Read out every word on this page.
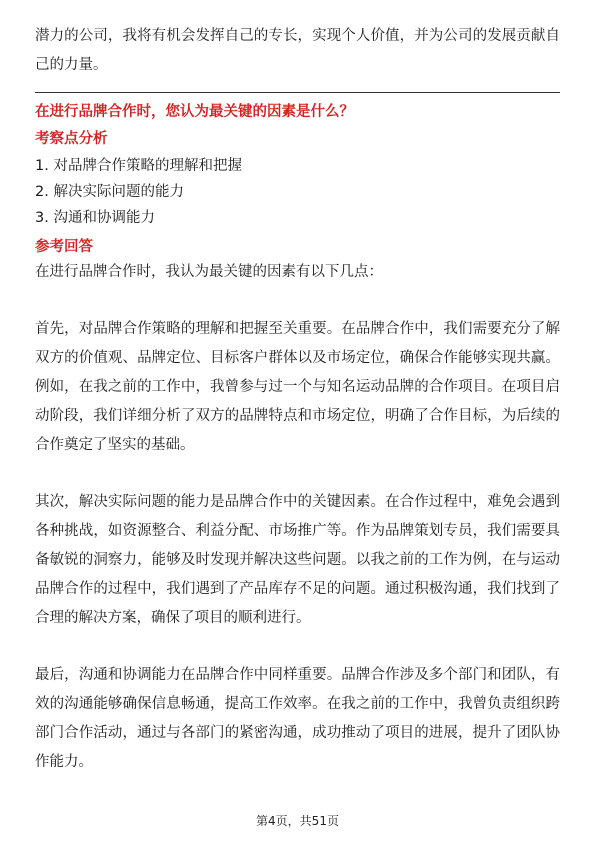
潜力的公司，我将有机会发挥自己的专长，实现个人价值，并为公司的发展贡献自己的力量。

在进行品牌合作时，您认为最关键的因素是什么？

考察点分析

1. 对品牌合作策略的理解和把握

2. 解决实际问题的能力

3. 沟通和协调能力

参考回答

在进行品牌合作时，我认为最关键的因素有以下几点：

首先，对品牌合作策略的理解和把握至关重要。在品牌合作中，我们需要充分了解双方的价值观、品牌定位、目标客户群体以及市场定位，确保合作能够实现共赢。例如，在我之前的工作中，我曾参与过一个与知名运动品牌的合作项目。在项目启动阶段，我们详细分析了双方的品牌特点和市场定位，明确了合作目标，为后续的合作奠定了坚实的基础。

其次，解决实际问题的能力是品牌合作中的关键因素。在合作过程中，难免会遇到各种挑战，如资源整合、利益分配、市场推广等。作为品牌策划专员，我们需要具备敏锐的洞察力，能够及时发现并解决这些问题。以我之前的工作为例，在与运动品牌合作的过程中，我们遇到了产品库存不足的问题。通过积极沟通，我们找到了合理的解决方案，确保了项目的顺利进行。

最后，沟通和协调能力在品牌合作中同样重要。品牌合作涉及多个部门和团队，有效的沟通能够确保信息畅通，提高工作效率。在我之前的工作中，我曾负责组织跨部门合作活动，通过与各部门的紧密沟通，成功推动了项目的进展，提升了团队协作能力。

第4页，共51页
